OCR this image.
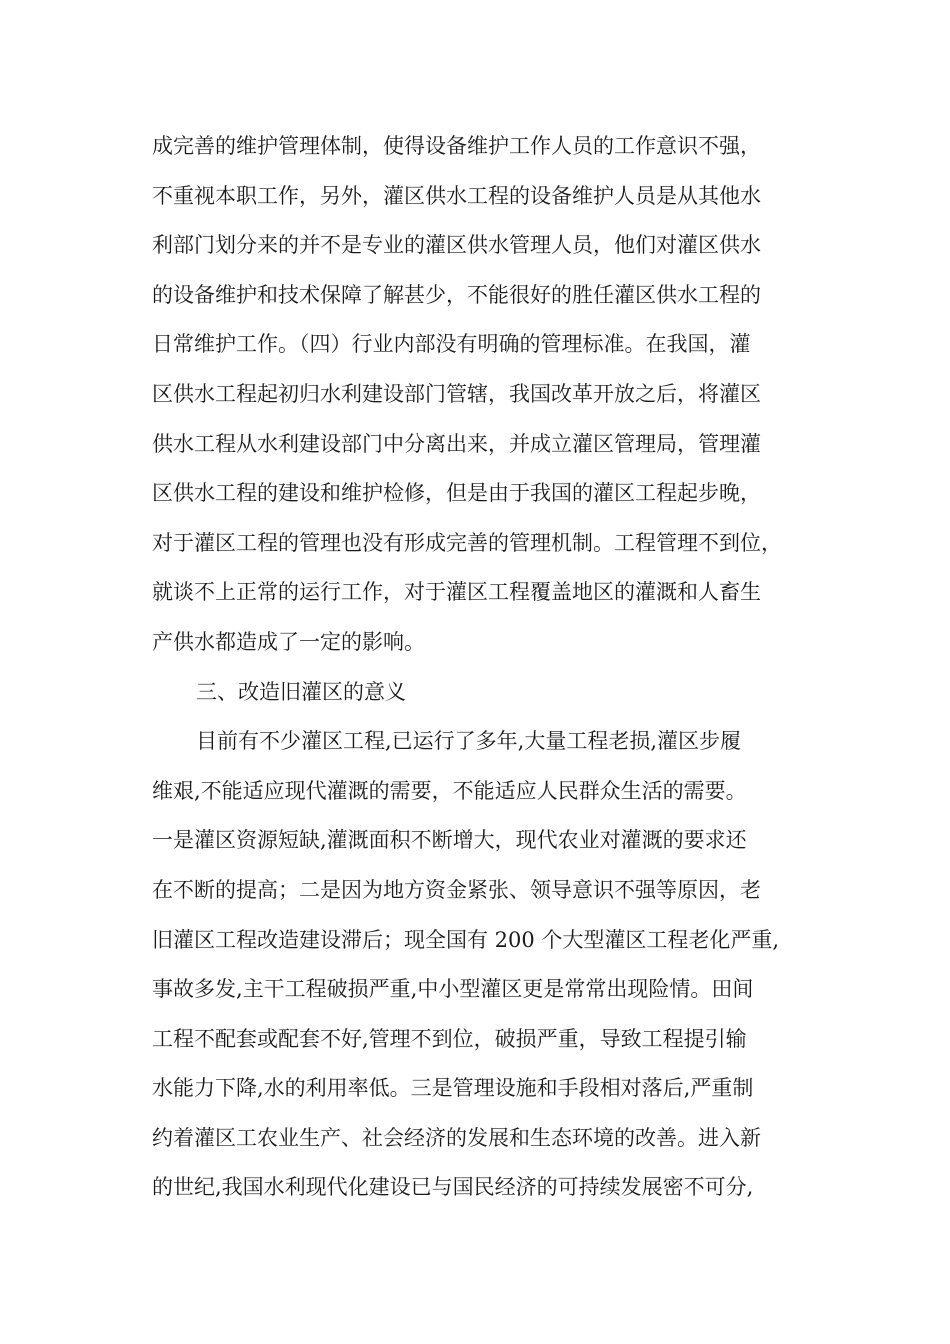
成完善的维护管理体制，使得设备维护工作人员的工作意识不强，
不重视本职工作，另外，灌区供水工程的设备维护人员是从其他水
利部门划分来的并不是专业的灌区供水管理人员，他们对灌区供水
的设备维护和技术保障了解甚少，不能很好的胜任灌区供水工程的
日常维护工作。（四）行业内部没有明确的管理标准。在我国，灌
区供水工程起初归水利建设部门管辖，我国改革开放之后，将灌区
供水工程从水利建设部门中分离出来，并成立灌区管理局，管理灌
区供水工程的建设和维护检修，但是由于我国的灌区工程起步晚，
对于灌区工程的管理也没有形成完善的管理机制。工程管理不到位，
就谈不上正常的运行工作，对于灌区工程覆盖地区的灌溉和人畜生
产供水都造成了一定的影响。
三、改造旧灌区的意义
目前有不少灌区工程,已运行了多年,大量工程老损,灌区步履
维艰,不能适应现代灌溉的需要，不能适应人民群众生活的需要。
一是灌区资源短缺,灌溉面积不断增大，现代农业对灌溉的要求还
在不断的提高；二是因为地方资金紧张、领导意识不强等原因，老
旧灌区工程改造建设滞后；现全国有 200 个大型灌区工程老化严重,
事故多发,主干工程破损严重,中小型灌区更是常常出现险情。田间
工程不配套或配套不好,管理不到位，破损严重，导致工程提引输
水能力下降,水的利用率低。三是管理设施和手段相对落后,严重制
约着灌区工农业生产、社会经济的发展和生态环境的改善。进入新
的世纪,我国水利现代化建设已与国民经济的可持续发展密不可分,
